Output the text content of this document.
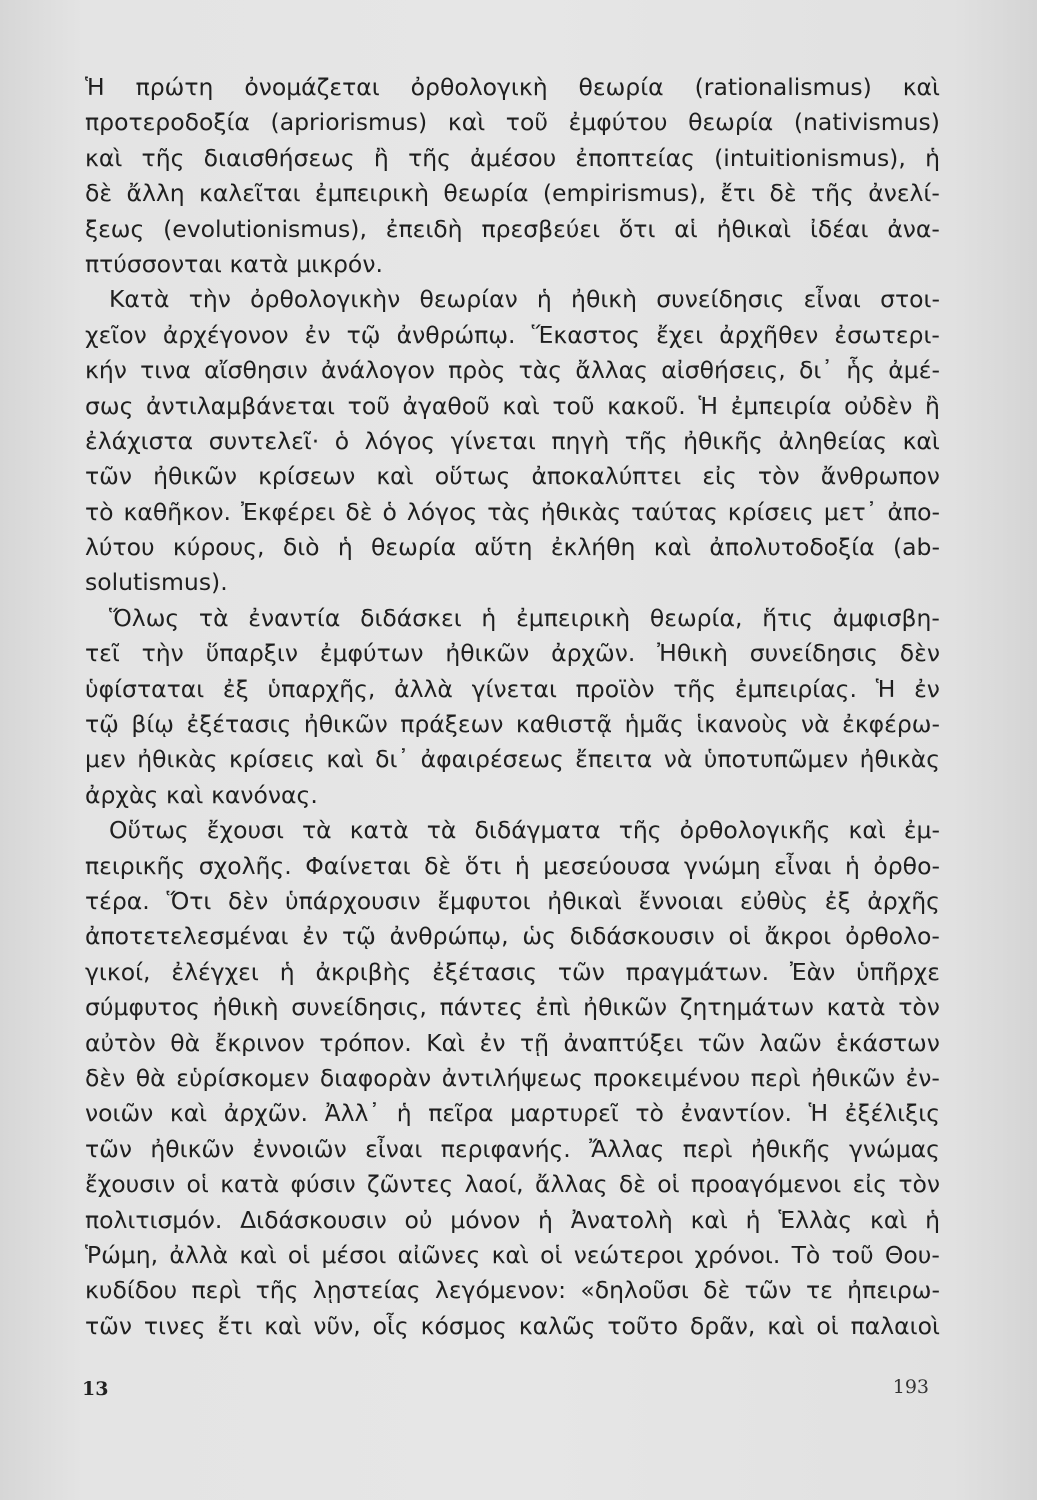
Ἡ πρώτη ὀνομάζεται ὀρθολογικὴ θεωρία (rationalismus) καὶ
προτεροδοξία (apriorismus) καὶ τοῦ ἐμφύτου θεωρία (nativismus)
καὶ τῆς διαισθήσεως ἢ τῆς ἀμέσου ἐποπτείας (intuitionismus), ἡ
δὲ ἄλλη καλεῖται ἐμπειρικὴ θεωρία (empirismus), ἔτι δὲ τῆς ἀνελί-
ξεως (evolutionismus), ἐπειδὴ πρεσβεύει ὅτι αἱ ἠθικαὶ ἰδέαι ἀνα-
πτύσσονται κατὰ μικρόν.
Κατὰ τὴν ὀρθολογικὴν θεωρίαν ἡ ἠθικὴ συνείδησις εἶναι στοι-
χεῖον ἀρχέγονον ἐν τῷ ἀνθρώπῳ. Ἕκαστος ἔχει ἀρχῆθεν ἐσωτερι-
κήν τινα αἴσθησιν ἀνάλογον πρὸς τὰς ἄλλας αἰσθήσεις, δι᾽ ἧς ἀμέ-
σως ἀντιλαμβάνεται τοῦ ἀγαθοῦ καὶ τοῦ κακοῦ. Ἡ ἐμπειρία οὐδὲν ἢ
ἐλάχιστα συντελεῖ· ὁ λόγος γίνεται πηγὴ τῆς ἠθικῆς ἀληθείας καὶ
τῶν ἠθικῶν κρίσεων καὶ οὕτως ἀποκαλύπτει εἰς τὸν ἄνθρωπον
τὸ καθῆκον. Ἐκφέρει δὲ ὁ λόγος τὰς ἠθικὰς ταύτας κρίσεις μετ᾽ ἀπο-
λύτου κύρους, διὸ ἡ θεωρία αὕτη ἐκλήθη καὶ ἀπολυτοδοξία (ab-
solutismus).
Ὅλως τὰ ἐναντία διδάσκει ἡ ἐμπειρικὴ θεωρία, ἥτις ἀμφισβη-
τεῖ τὴν ὕπαρξιν ἐμφύτων ἠθικῶν ἀρχῶν. Ἠθικὴ συνείδησις δὲν
ὑφίσταται ἐξ ὑπαρχῆς, ἀλλὰ γίνεται προϊὸν τῆς ἐμπειρίας. Ἡ ἐν
τῷ βίῳ ἐξέτασις ἠθικῶν πράξεων καθιστᾷ ἡμᾶς ἱκανοὺς νὰ ἐκφέρω-
μεν ἠθικὰς κρίσεις καὶ δι᾽ ἀφαιρέσεως ἔπειτα νὰ ὑποτυπῶμεν ἠθικὰς
ἀρχὰς καὶ κανόνας.
Οὕτως ἔχουσι τὰ κατὰ τὰ διδάγματα τῆς ὀρθολογικῆς καὶ ἐμ-
πειρικῆς σχολῆς. Φαίνεται δὲ ὅτι ἡ μεσεύουσα γνώμη εἶναι ἡ ὀρθο-
τέρα. Ὅτι δὲν ὑπάρχουσιν ἔμφυτοι ἠθικαὶ ἔννοιαι εὐθὺς ἐξ ἀρχῆς
ἀποτετελεσμέναι ἐν τῷ ἀνθρώπῳ, ὡς διδάσκουσιν οἱ ἄκροι ὀρθολο-
γικοί, ἐλέγχει ἡ ἀκριβὴς ἐξέτασις τῶν πραγμάτων. Ἐὰν ὑπῆρχε
σύμφυτος ἠθικὴ συνείδησις, πάντες ἐπὶ ἠθικῶν ζητημάτων κατὰ τὸν
αὐτὸν θὰ ἔκρινον τρόπον. Καὶ ἐν τῇ ἀναπτύξει τῶν λαῶν ἑκάστων
δὲν θὰ εὑρίσκομεν διαφορὰν ἀντιλήψεως προκειμένου περὶ ἠθικῶν ἐν-
νοιῶν καὶ ἀρχῶν. Ἀλλ᾽ ἡ πεῖρα μαρτυρεῖ τὸ ἐναντίον. Ἡ ἐξέλιξις
τῶν ἠθικῶν ἐννοιῶν εἶναι περιφανής. Ἄλλας περὶ ἠθικῆς γνώμας
ἔχουσιν οἱ κατὰ φύσιν ζῶντες λαοί, ἄλλας δὲ οἱ προαγόμενοι εἰς τὸν
πολιτισμόν. Διδάσκουσιν οὐ μόνον ἡ Ἀνατολὴ καὶ ἡ Ἑλλὰς καὶ ἡ
Ῥώμη, ἀλλὰ καὶ οἱ μέσοι αἰῶνες καὶ οἱ νεώτεροι χρόνοι. Τὸ τοῦ Θου-
κυδίδου περὶ τῆς λῃστείας λεγόμενον: «δηλοῦσι δὲ τῶν τε ἠπειρω-
τῶν τινες ἔτι καὶ νῦν, οἷς κόσμος καλῶς τοῦτο δρᾶν, καὶ οἱ παλαιοὶ
13	193
